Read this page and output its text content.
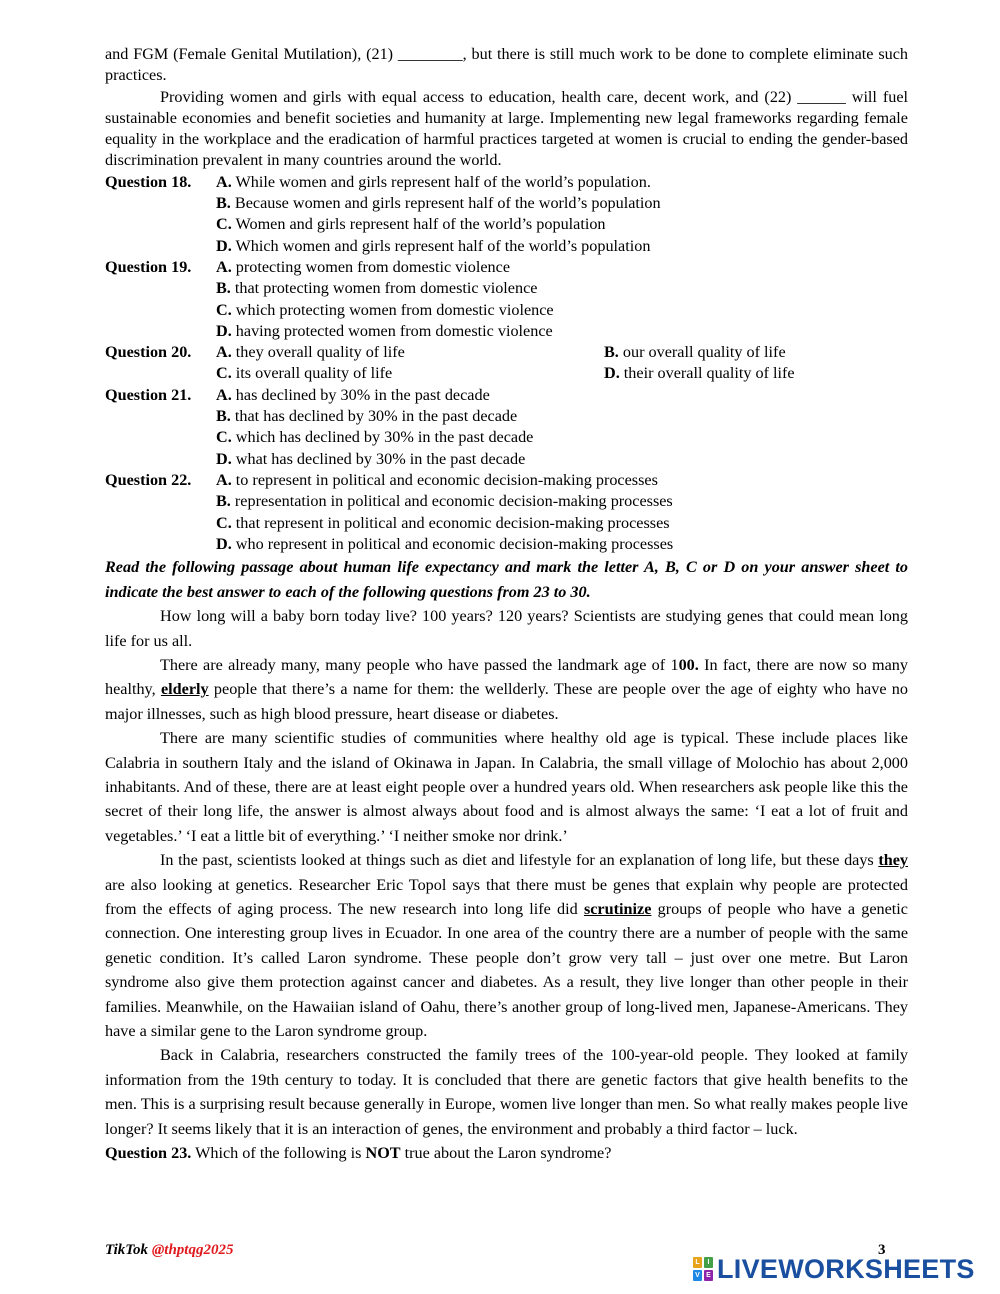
and FGM (Female Genital Mutilation), (21) ________, but there is still much work to be done to complete eliminate such practices.

Providing women and girls with equal access to education, health care, decent work, and (22) ______ will fuel sustainable economies and benefit societies and humanity at large. Implementing new legal frameworks regarding female equality in the workplace and the eradication of harmful practices targeted at women is crucial to ending the gender-based discrimination prevalent in many countries around the world.

Question 18. A. While women and girls represent half of the world’s population.
B. Because women and girls represent half of the world’s population
C. Women and girls represent half of the world’s population
D. Which women and girls represent half of the world’s population
Question 19. A. protecting women from domestic violence
B. that protecting women from domestic violence
C. which protecting women from domestic violence
D. having protected women from domestic violence
Question 20. A. they overall quality of life	B. our overall quality of life
C. its overall quality of life	D. their overall quality of life
Question 21. A. has declined by 30% in the past decade
B. that has declined by 30% in the past decade
C. which has declined by 30% in the past decade
D. what has declined by 30% in the past decade
Question 22. A. to represent in political and economic decision-making processes
B. representation in political and economic decision-making processes
C. that represent in political and economic decision-making processes
D. who represent in political and economic decision-making processes

Read the following passage about human life expectancy and mark the letter A, B, C or D on your answer sheet to indicate the best answer to each of the following questions from 23 to 30.

How long will a baby born today live? 100 years? 120 years? Scientists are studying genes that could mean long life for us all.

There are already many, many people who have passed the landmark age of 100. In fact, there are now so many healthy, elderly people that there’s a name for them: the wellderly. These are people over the age of eighty who have no major illnesses, such as high blood pressure, heart disease or diabetes.

There are many scientific studies of communities where healthy old age is typical. These include places like Calabria in southern Italy and the island of Okinawa in Japan. In Calabria, the small village of Molochio has about 2,000 inhabitants. And of these, there are at least eight people over a hundred years old. When researchers ask people like this the secret of their long life, the answer is almost always about food and is almost always the same: ‘I eat a lot of fruit and vegetables.’ ‘I eat a little bit of everything.’ ‘I neither smoke nor drink.’

In the past, scientists looked at things such as diet and lifestyle for an explanation of long life, but these days they are also looking at genetics. Researcher Eric Topol says that there must be genes that explain why people are protected from the effects of aging process. The new research into long life did scrutinize groups of people who have a genetic connection. One interesting group lives in Ecuador. In one area of the country there are a number of people with the same genetic condition. It’s called Laron syndrome. These people don’t grow very tall – just over one metre. But Laron syndrome also give them protection against cancer and diabetes. As a result, they live longer than other people in their families. Meanwhile, on the Hawaiian island of Oahu, there’s another group of long-lived men, Japanese-Americans. They have a similar gene to the Laron syndrome group.

Back in Calabria, researchers constructed the family trees of the 100-year-old people. They looked at family information from the 19th century to today. It is concluded that there are genetic factors that give health benefits to the men. This is a surprising result because generally in Europe, women live longer than men. So what really makes people live longer? It seems likely that it is an interaction of genes, the environment and probably a third factor – luck.

Question 23. Which of the following is NOT true about the Laron syndrome?

TikTok @thptqg2025	3
L	I
V E LIVEWORKSHEETS
